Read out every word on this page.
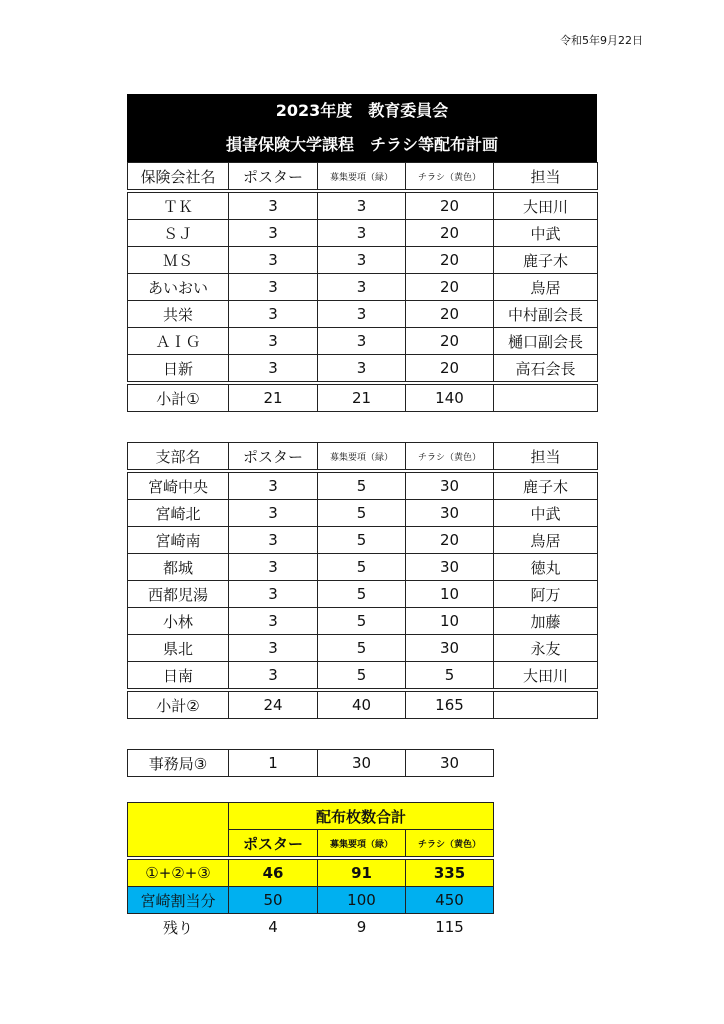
令和5年9月22日
2023年度　教育委員会
損害保険大学課程　チラシ等配布計画
保険会社名	ポスター	募集要項（緑）	チラシ（黄色）	担当
ＴＫ	3	3	20	大田川
ＳＪ	3	3	20	中武
ＭＳ	3	3	20	鹿子木
あいおい	3	3	20	鳥居
共栄	3	3	20	中村副会長
ＡＩＧ	3	3	20	樋口副会長
日新	3	3	20	高石会長
小計①	21	21	140	
支部名	ポスター	募集要項（緑）	チラシ（黄色）	担当
宮崎中央	3	5	30	鹿子木
宮崎北	3	5	30	中武
宮崎南	3	5	20	鳥居
都城	3	5	30	徳丸
西都児湯	3	5	10	阿万
小林	3	5	10	加藤
県北	3	5	30	永友
日南	3	5	5	大田川
小計②	24	40	165	
事務局③	1	30	30
	配布枚数合計		
	ポスター	募集要項（緑）	チラシ（黄色）
①+②+③	46	91	335
宮崎割当分	50	100	450
残り	4	9	115
